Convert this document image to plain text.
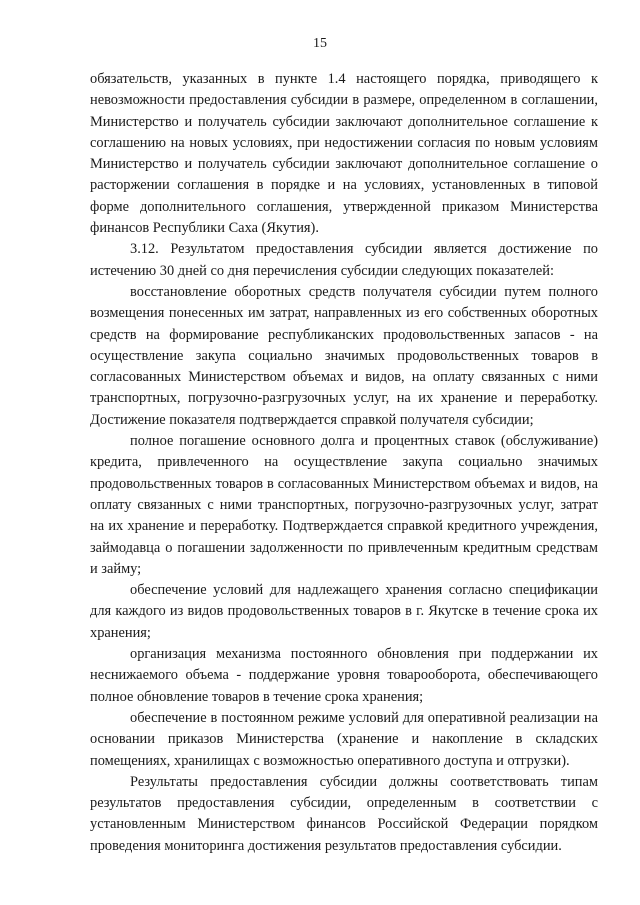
15

обязательств, указанных в пункте 1.4 настоящего порядка, приводящего к невозможности предоставления субсидии в размере, определенном в соглашении, Министерство и получатель субсидии заключают дополнительное соглашение к соглашению на новых условиях, при недостижении согласия по новым условиям Министерство и получатель субсидии заключают дополнительное соглашение о расторжении соглашения в порядке и на условиях, установленных в типовой форме дополнительного соглашения, утвержденной приказом Министерства финансов Республики Саха (Якутия).

3.12. Результатом предоставления субсидии является достижение по истечению 30 дней со дня перечисления субсидии следующих показателей:

восстановление оборотных средств получателя субсидии путем полного возмещения понесенных им затрат, направленных из его собственных оборотных средств на формирование республиканских продовольственных запасов - на осуществление закупа социально значимых продовольственных товаров в согласованных Министерством объемах и видов, на оплату связанных с ними транспортных, погрузочно-разгрузочных услуг, на их хранение и переработку. Достижение показателя подтверждается справкой получателя субсидии;

полное погашение основного долга и процентных ставок (обслуживание) кредита, привлеченного на осуществление закупа социально значимых продовольственных товаров в согласованных Министерством объемах и видов, на оплату связанных с ними транспортных, погрузочно-разгрузочных услуг, затрат на их хранение и переработку. Подтверждается справкой кредитного учреждения, займодавца о погашении задолженности по привлеченным кредитным средствам и займу;

обеспечение условий для надлежащего хранения согласно спецификации для каждого из видов продовольственных товаров в г. Якутске в течение срока их хранения;

организация механизма постоянного обновления при поддержании их неснижаемого объема - поддержание уровня товарооборота, обеспечивающего полное обновление товаров в течение срока хранения;

обеспечение в постоянном режиме условий для оперативной реализации на основании приказов Министерства (хранение и накопление в складских помещениях, хранилищах с возможностью оперативного доступа и отгрузки).

Результаты предоставления субсидии должны соответствовать типам результатов предоставления субсидии, определенным в соответствии с установленным Министерством финансов Российской Федерации порядком проведения мониторинга достижения результатов предоставления субсидии.
